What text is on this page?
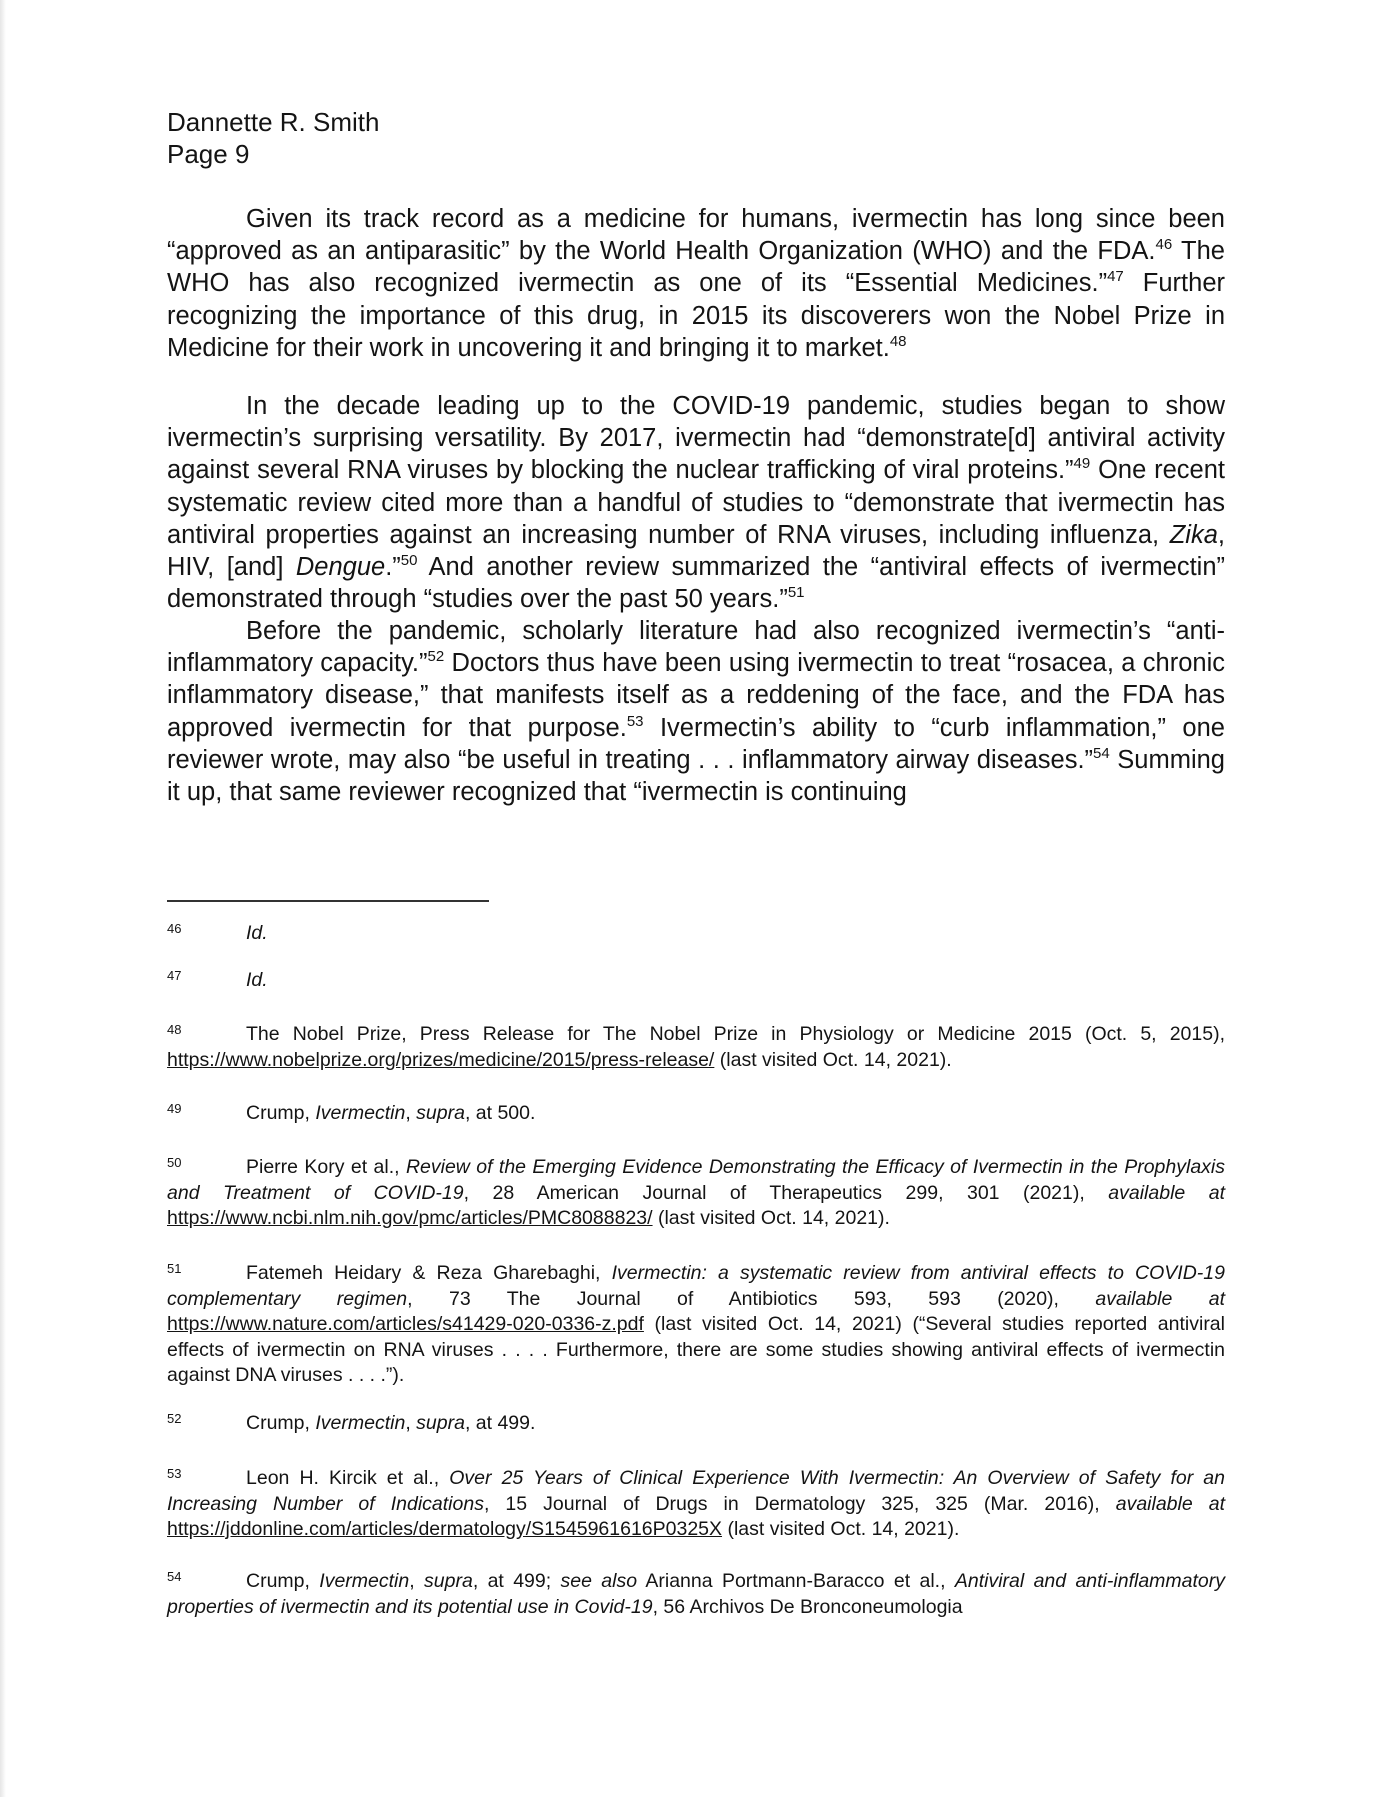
Dannette R. Smith
Page 9
Given its track record as a medicine for humans, ivermectin has long since been “approved as an antiparasitic” by the World Health Organization (WHO) and the FDA.$^{46}$ The WHO has also recognized ivermectin as one of its “Essential Medicines.”$^{47}$ Further recognizing the importance of this drug, in 2015 its discoverers won the Nobel Prize in Medicine for their work in uncovering it and bringing it to market.$^{48}$
In the decade leading up to the COVID-19 pandemic, studies began to show ivermectin’s surprising versatility. By 2017, ivermectin had “demonstrate[d] antiviral activity against several RNA viruses by blocking the nuclear trafficking of viral proteins.”$^{49}$ One recent systematic review cited more than a handful of studies to “demonstrate that ivermectin has antiviral properties against an increasing number of RNA viruses, including influenza, Zika, HIV, [and] Dengue.”$^{50}$ And another review summarized the “antiviral effects of ivermectin” demonstrated through “studies over the past 50 years.”$^{51}$
Before the pandemic, scholarly literature had also recognized ivermectin’s “anti-inflammatory capacity.”$^{52}$ Doctors thus have been using ivermectin to treat “rosacea, a chronic inflammatory disease,” that manifests itself as a reddening of the face, and the FDA has approved ivermectin for that purpose.$^{53}$ Ivermectin’s ability to “curb inflammation,” one reviewer wrote, may also “be useful in treating . . . inflammatory airway diseases.”$^{54}$ Summing it up, that same reviewer recognized that “ivermectin is continuing
46	Id.
47	Id.
48	The Nobel Prize, Press Release for The Nobel Prize in Physiology or Medicine 2015 (Oct. 5, 2015), https://www.nobelprize.org/prizes/medicine/2015/press-release/ (last visited Oct. 14, 2021).
49	Crump, Ivermectin, supra, at 500.
50	Pierre Kory et al., Review of the Emerging Evidence Demonstrating the Efficacy of Ivermectin in the Prophylaxis and Treatment of COVID-19, 28 American Journal of Therapeutics 299, 301 (2021), available at https://www.ncbi.nlm.nih.gov/pmc/articles/PMC8088823/ (last visited Oct. 14, 2021).
51	Fatemeh Heidary & Reza Gharebaghi, Ivermectin: a systematic review from antiviral effects to COVID-19 complementary regimen, 73 The Journal of Antibiotics 593, 593 (2020), available at https://www.nature.com/articles/s41429-020-0336-z.pdf (last visited Oct. 14, 2021) (“Several studies reported antiviral effects of ivermectin on RNA viruses . . . . Furthermore, there are some studies showing antiviral effects of ivermectin against DNA viruses . . . .”).
52	Crump, Ivermectin, supra, at 499.
53	Leon H. Kircik et al., Over 25 Years of Clinical Experience With Ivermectin: An Overview of Safety for an Increasing Number of Indications, 15 Journal of Drugs in Dermatology 325, 325 (Mar. 2016), available at https://jddonline.com/articles/dermatology/S1545961616P0325X (last visited Oct. 14, 2021).
54	Crump, Ivermectin, supra, at 499; see also Arianna Portmann-Baracco et al., Antiviral and anti-inflammatory properties of ivermectin and its potential use in Covid-19, 56 Archivos De Bronconeumologia
